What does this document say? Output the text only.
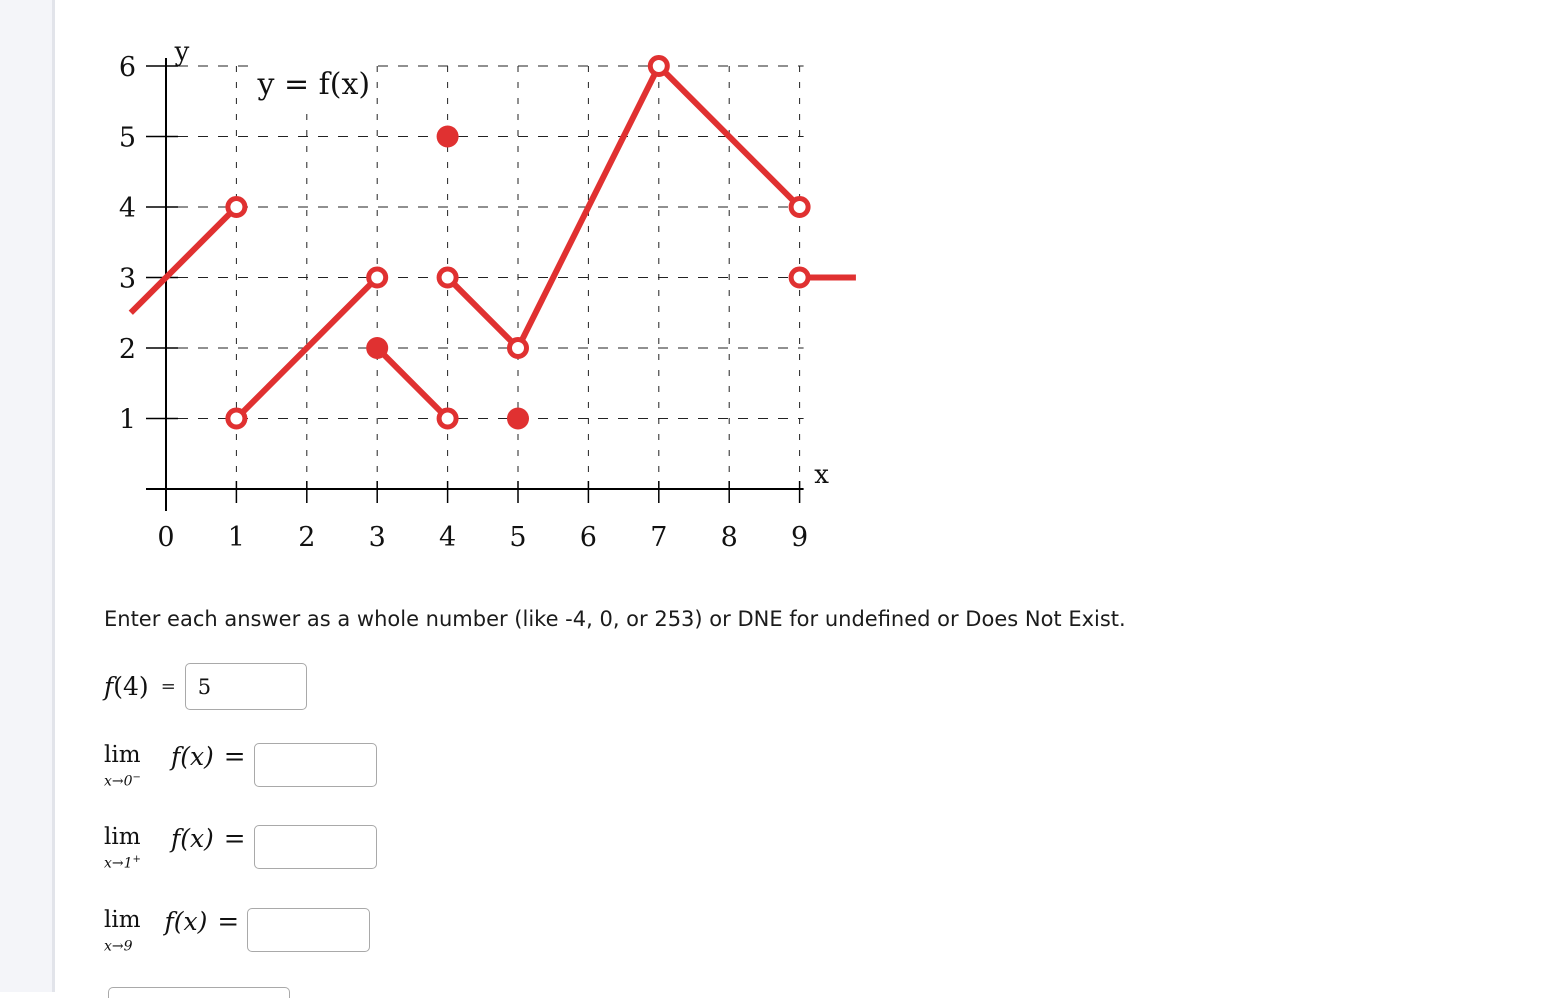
0 1 2 3 4 5 6 7 8 9
1
2
3
4
5
6 y
x
y = f(x)
Enter each answer as a whole number (like -4, 0, or 253) or DNE for undefined or Does Not Exist.
f(4) =
5
lim
x→0−
f(x) =
lim
x→1+
f(x) =
lim
x→9
f(x) =
